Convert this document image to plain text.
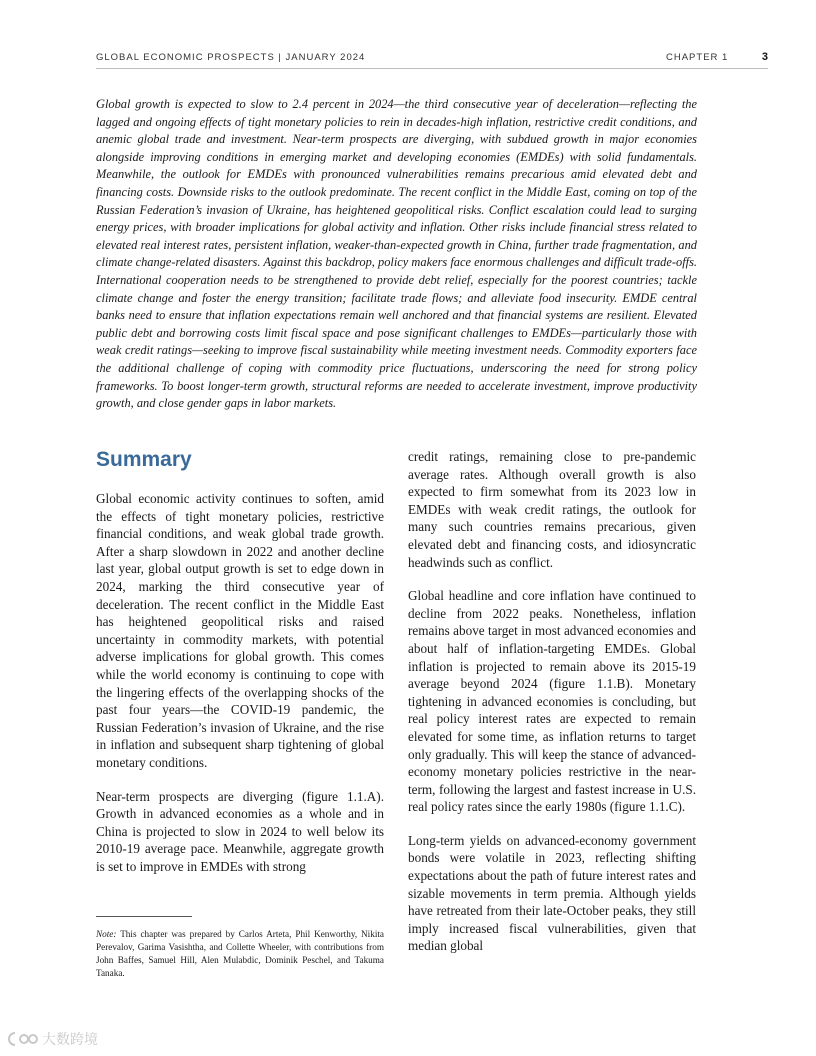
GLOBAL ECONOMIC PROSPECTS | JANUARY 2024	CHAPTER 1	3

Global growth is expected to slow to 2.4 percent in 2024—the third consecutive year of deceleration—reflecting the lagged and ongoing effects of tight monetary policies to rein in decades-high inflation, restrictive credit conditions, and anemic global trade and investment. Near-term prospects are diverging, with subdued growth in major economies alongside improving conditions in emerging market and developing economies (EMDEs) with solid fundamentals. Meanwhile, the outlook for EMDEs with pronounced vulnerabilities remains precarious amid elevated debt and financing costs. Downside risks to the outlook predominate. The recent conflict in the Middle East, coming on top of the Russian Federation’s invasion of Ukraine, has heightened geopolitical risks. Conflict escalation could lead to surging energy prices, with broader implications for global activity and inflation. Other risks include financial stress related to elevated real interest rates, persistent inflation, weaker-than-expected growth in China, further trade fragmentation, and climate change-related disasters. Against this backdrop, policy makers face enormous challenges and difficult trade-offs. International cooperation needs to be strengthened to provide debt relief, especially for the poorest countries; tackle climate change and foster the energy transition; facilitate trade flows; and alleviate food insecurity. EMDE central banks need to ensure that inflation expectations remain well anchored and that financial systems are resilient. Elevated public debt and borrowing costs limit fiscal space and pose significant challenges to EMDEs—particularly those with weak credit ratings—seeking to improve fiscal sustainability while meeting investment needs. Commodity exporters face the additional challenge of coping with commodity price fluctuations, underscoring the need for strong policy frameworks. To boost longer-term growth, structural reforms are needed to accelerate investment, improve productivity growth, and close gender gaps in labor markets.

Summary

Global economic activity continues to soften, amid the effects of tight monetary policies, restrictive financial conditions, and weak global trade growth. After a sharp slowdown in 2022 and another decline last year, global output growth is set to edge down in 2024, marking the third consecutive year of deceleration. The recent conflict in the Middle East has heightened geopolitical risks and raised uncertainty in commodity markets, with potential adverse implications for global growth. This comes while the world economy is continuing to cope with the lingering effects of the overlapping shocks of the past four years—the COVID-19 pandemic, the Russian Federation’s invasion of Ukraine, and the rise in inflation and subsequent sharp tightening of global monetary conditions.

Near-term prospects are diverging (figure 1.1.A). Growth in advanced economies as a whole and in China is projected to slow in 2024 to well below its 2010-19 average pace. Meanwhile, aggregate growth is set to improve in EMDEs with strong

credit ratings, remaining close to pre-pandemic average rates. Although overall growth is also expected to firm somewhat from its 2023 low in EMDEs with weak credit ratings, the outlook for many such countries remains precarious, given elevated debt and financing costs, and idiosyncratic headwinds such as conflict.

Global headline and core inflation have continued to decline from 2022 peaks. Nonetheless, inflation remains above target in most advanced economies and about half of inflation-targeting EMDEs. Global inflation is projected to remain above its 2015-19 average beyond 2024 (figure 1.1.B). Monetary tightening in advanced economies is concluding, but real policy interest rates are expected to remain elevated for some time, as inflation returns to target only gradually. This will keep the stance of advanced-economy monetary policies restrictive in the near-term, following the largest and fastest increase in U.S. real policy rates since the early 1980s (figure 1.1.C).

Long-term yields on advanced-economy government bonds were volatile in 2023, reflecting shifting expectations about the path of future interest rates and sizable movements in term premia. Although yields have retreated from their late-October peaks, they still imply increased fiscal vulnerabilities, given that median global

Note: This chapter was prepared by Carlos Arteta, Phil Kenworthy, Nikita Perevalov, Garima Vasishtha, and Collette Wheeler, with contributions from John Baffes, Samuel Hill, Alen Mulabdic, Dominik Peschel, and Takuma Tanaka.

大数跨境
